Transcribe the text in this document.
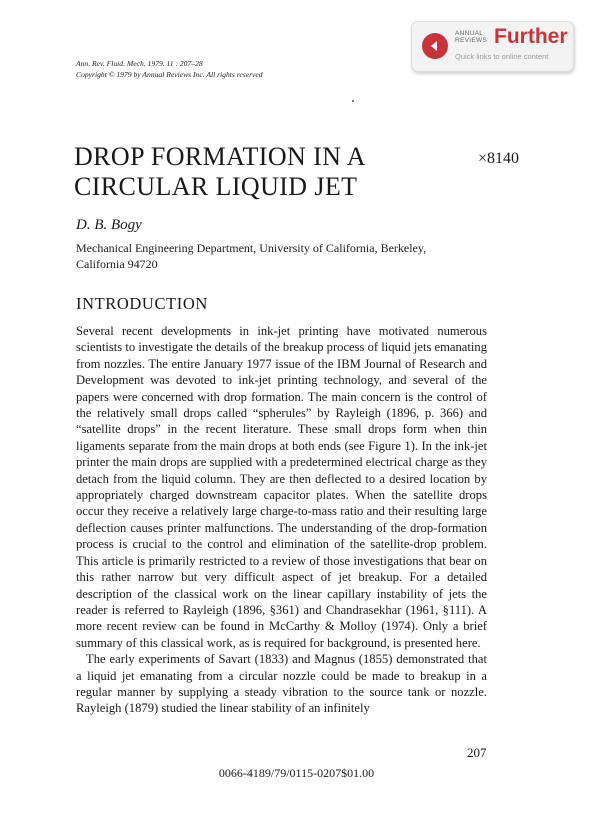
Ann. Rev. Fluid. Mech. 1979. 11 : 207–28
Copyright © 1979 by Annual Reviews Inc. All rights reserved
ANNUAL
REVIEWS Further
Quick links to online content
DROP FORMATION IN A
CIRCULAR LIQUID JET
×8140
D. B. Bogy
Mechanical Engineering Department, University of California, Berkeley,
California 94720
INTRODUCTION

Several recent developments in ink-jet printing have motivated numerous scientists to investigate the details of the breakup process of liquid jets emanating from nozzles. The entire January 1977 issue of the IBM Journal of Research and Development was devoted to ink-jet printing technology, and several of the papers were concerned with drop formation. The main concern is the control of the relatively small drops called “spherules” by Rayleigh (1896, p. 366) and “satellite drops” in the recent literature. These small drops form when thin ligaments separate from the main drops at both ends (see Figure 1). In the ink-jet printer the main drops are supplied with a predetermined electrical charge as they detach from the liquid column. They are then deflected to a desired location by appropriately charged downstream capacitor plates. When the satellite drops occur they receive a relatively large charge-to-mass ratio and their resulting large deflection causes printer malfunctions. The understanding of the drop-formation process is crucial to the control and elimination of the satellite-drop problem. This article is primarily restricted to a review of those investigations that bear on this rather narrow but very difficult aspect of jet breakup. For a detailed description of the classical work on the linear capillary instability of jets the reader is referred to Rayleigh (1896, §361) and Chandrasekhar (1961, §111). A more recent review can be found in McCarthy & Molloy (1974). Only a brief summary of this classical work, as is required for background, is presented here.

The early experiments of Savart (1833) and Magnus (1855) demonstrated that a liquid jet emanating from a circular nozzle could be made to breakup in a regular manner by supplying a steady vibration to the source tank or nozzle. Rayleigh (1879) studied the linear stability of an infinitely

207
0066-4189/79/0115-0207$01.00
